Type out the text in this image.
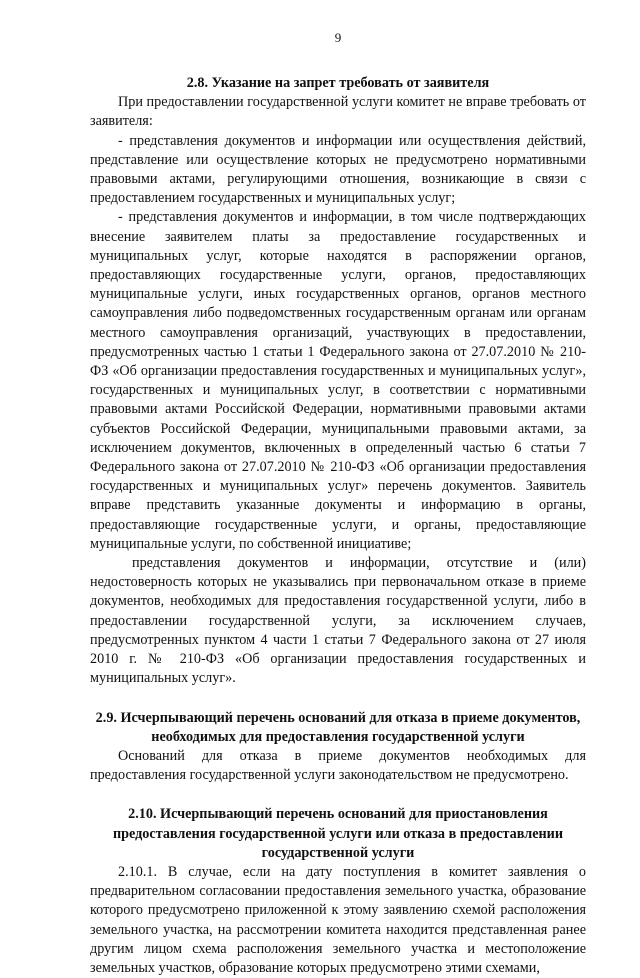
9
2.8. Указание на запрет требовать от заявителя

При предоставлении государственной услуги комитет не вправе требовать от заявителя:

- представления документов и информации или осуществления действий, представление или осуществление которых не предусмотрено нормативными правовыми актами, регулирующими отношения, возникающие в связи с предоставлением государственных и муниципальных услуг;

- представления документов и информации, в том числе подтверждающих внесение заявителем платы за предоставление государственных и муниципальных услуг, которые находятся в распоряжении органов, предоставляющих государственные услуги, органов, предоставляющих муниципальные услуги, иных государственных органов, органов местного самоуправления либо подведомственных государственным органам или органам местного самоуправления организаций, участвующих в предоставлении, предусмотренных частью 1 статьи 1 Федерального закона от 27.07.2010 № 210-ФЗ «Об организации предоставления государственных и муниципальных услуг», государственных и муниципальных услуг, в соответствии с нормативными правовыми актами Российской Федерации, нормативными правовыми актами субъектов Российской Федерации, муниципальными правовыми актами, за исключением документов, включенных в определенный частью 6 статьи 7 Федерального закона от 27.07.2010 № 210-ФЗ «Об организации предоставления государственных и муниципальных услуг» перечень документов. Заявитель вправе представить указанные документы и информацию в органы, предоставляющие государственные услуги, и органы, предоставляющие муниципальные услуги, по собственной инициативе;

представления документов и информации, отсутствие и (или) недостоверность которых не указывались при первоначальном отказе в приеме документов, необходимых для предоставления государственной услуги, либо в предоставлении государственной услуги, за исключением случаев, предусмотренных пунктом 4 части 1 статьи 7 Федерального закона от 27 июля 2010 г. № 210-ФЗ «Об организации предоставления государственных и муниципальных услуг».

2.9. Исчерпывающий перечень оснований для отказа в приеме документов,
необходимых для предоставления государственной услуги

Оснований для отказа в приеме документов необходимых для предоставления государственной услуги законодательством не предусмотрено.

2.10. Исчерпывающий перечень оснований для приостановления
предоставления государственной услуги или отказа в предоставлении
государственной услуги

2.10.1. В случае, если на дату поступления в комитет заявления о предварительном согласовании предоставления земельного участка, образование которого предусмотрено приложенной к этому заявлению схемой расположения земельного участка, на рассмотрении комитета находится представленная ранее другим лицом схема расположения земельного участка и местоположение земельных участков, образование которых предусмотрено этими схемами,
